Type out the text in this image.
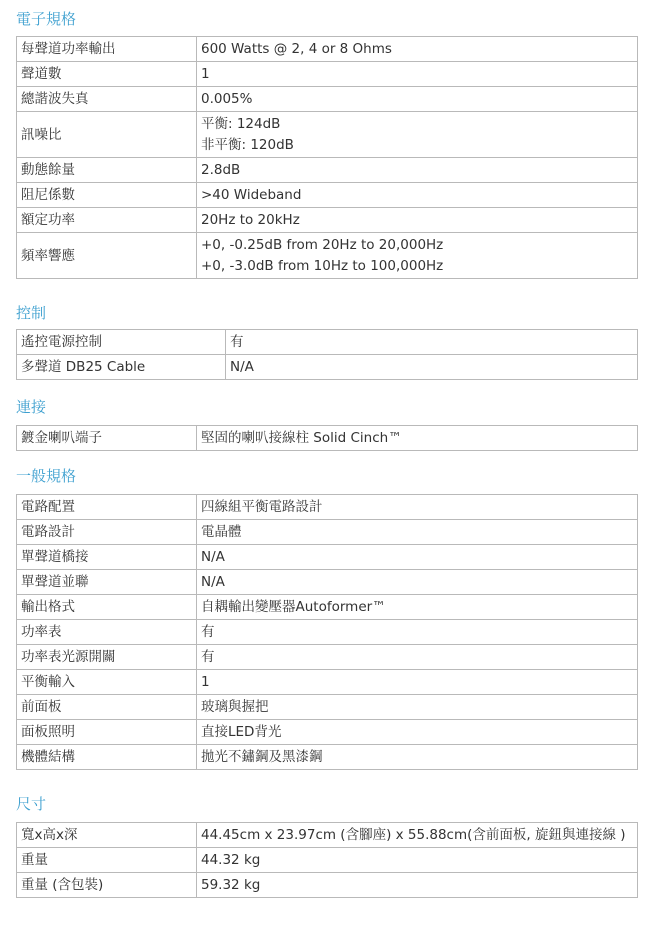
電子規格
每聲道功率輸出	600 Watts @ 2, 4 or 8 Ohms
聲道數	1
總諧波失真	0.005%
訊噪比	平衡: 124dB
非平衡: 120dB
動態餘量	2.8dB
阻尼係數	>40 Wideband
額定功率	20Hz to 20kHz
頻率響應	+0, -0.25dB from 20Hz to 20,000Hz
+0, -3.0dB from 10Hz to 100,000Hz
控制
遙控電源控制	有
多聲道 DB25 Cable	N/A
連接
鍍金喇叭端子	堅固的喇叭接線柱 Solid Cinch™
一般規格
電路配置	四線組平衡電路設計
電路設計	電晶體
單聲道橋接	N/A
單聲道並聯	N/A
輸出格式	自耦輸出變壓器Autoformer™
功率表	有
功率表光源開關	有
平衡輸入	1
前面板	玻璃與握把
面板照明	直接LED背光
機體結構	拋光不鏽鋼及黑漆鋼
尺寸
寬x高x深	44.45cm x 23.97cm (含腳座) x 55.88cm(含前面板, 旋鈕與連接線 )
重量	44.32 kg
重量 (含包裝)	59.32 kg
